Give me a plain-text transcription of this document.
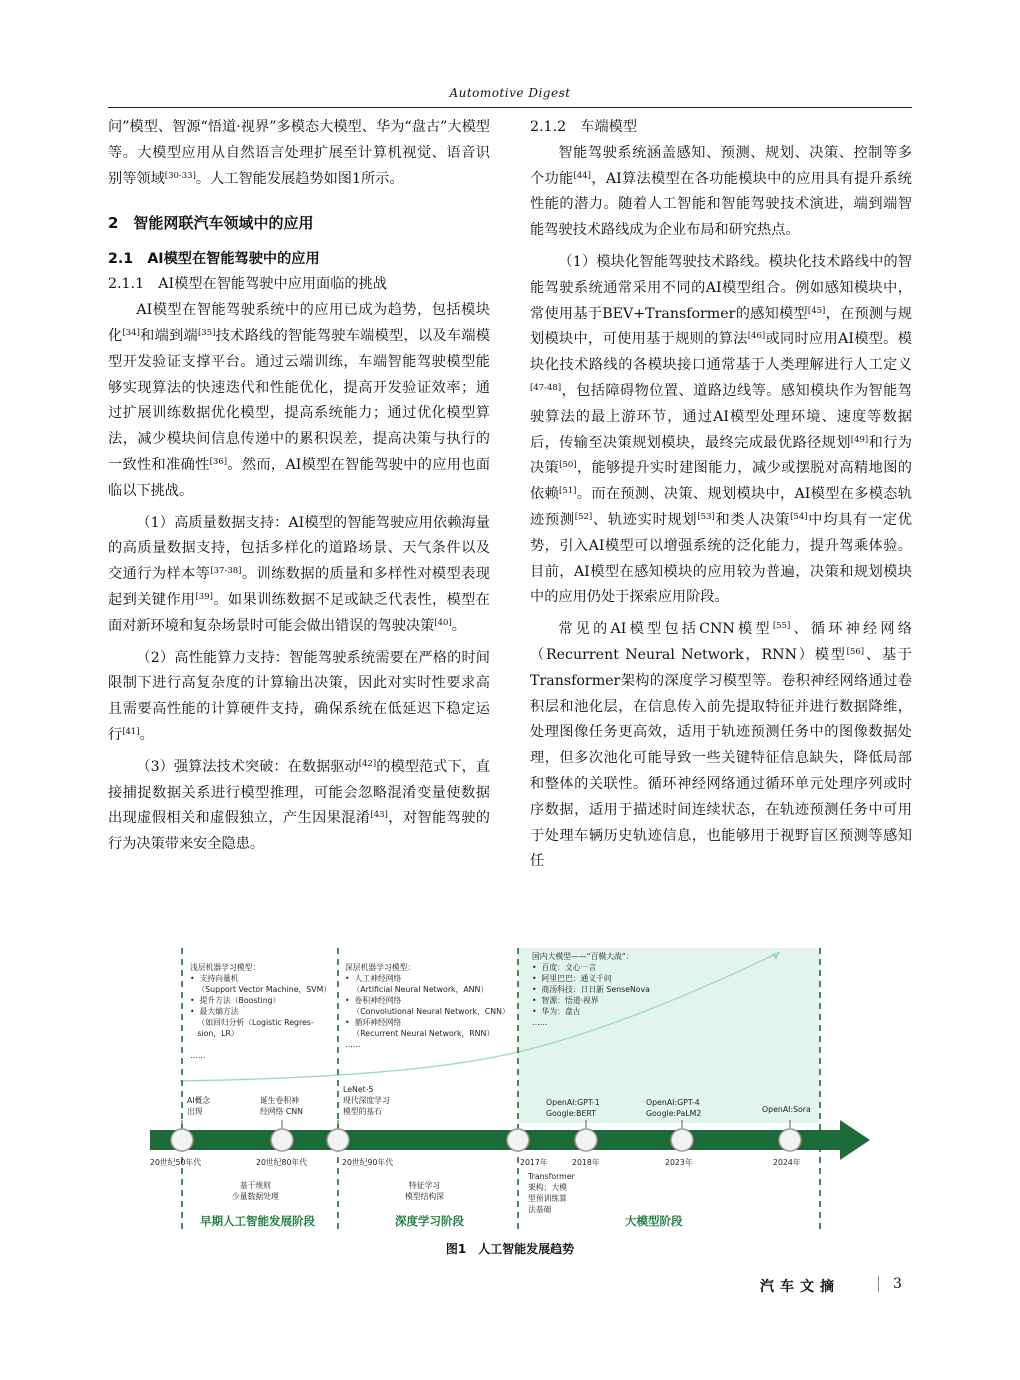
Automotive Digest

问”模型、智源“悟道·视界”多模态大模型、华为“盘古”大模型等。大模型应用从自然语言处理扩展至计算机视觉、语音识别等领域[30-33]。人工智能发展趋势如图1所示。

2　智能网联汽车领域中的应用
2.1　AI模型在智能驾驶中的应用
2.1.1　AI模型在智能驾驶中应用面临的挑战

AI模型在智能驾驶系统中的应用已成为趋势，包括模块化[34]和端到端[35]技术路线的智能驾驶车端模型，以及车端模型开发验证支撑平台。通过云端训练，车端智能驾驶模型能够实现算法的快速迭代和性能优化，提高开发验证效率；通过扩展训练数据优化模型，提高系统能力；通过优化模型算法，减少模块间信息传递中的累积误差，提高决策与执行的一致性和准确性[36]。然而，AI模型在智能驾驶中的应用也面临以下挑战。

（1）高质量数据支持：AI模型的智能驾驶应用依赖海量的高质量数据支持，包括多样化的道路场景、天气条件以及交通行为样本等[37-38]。训练数据的质量和多样性对模型表现起到关键作用[39]。如果训练数据不足或缺乏代表性，模型在面对新环境和复杂场景时可能会做出错误的驾驶决策[40]。

（2）高性能算力支持：智能驾驶系统需要在严格的时间限制下进行高复杂度的计算输出决策，因此对实时性要求高且需要高性能的计算硬件支持，确保系统在低延迟下稳定运行[41]。

（3）强算法技术突破：在数据驱动[42]的模型范式下，直接捕捉数据关系进行模型推理，可能会忽略混淆变量使数据出现虚假相关和虚假独立，产生因果混淆[43]，对智能驾驶的行为决策带来安全隐患。

2.1.2　车端模型

智能驾驶系统涵盖感知、预测、规划、决策、控制等多个功能[44]，AI算法模型在各功能模块中的应用具有提升系统性能的潜力。随着人工智能和智能驾驶技术演进，端到端智能驾驶技术路线成为企业布局和研究热点。

（1）模块化智能驾驶技术路线。模块化技术路线中的智能驾驶系统通常采用不同的AI模型组合。例如感知模块中，常使用基于BEV+Transformer的感知模型[45]，在预测与规划模块中，可使用基于规则的算法[46]或同时应用AI模型。模块化技术路线的各模块接口通常基于人类理解进行人工定义[47-48]，包括障碍物位置、道路边线等。感知模块作为智能驾驶算法的最上游环节，通过AI模型处理环境、速度等数据后，传输至决策规划模块，最终完成最优路径规划[49]和行为决策[50]，能够提升实时建图能力，减少或摆脱对高精地图的依赖[51]。而在预测、决策、规划模块中，AI模型在多模态轨迹预测[52]、轨迹实时规划[53]和类人决策[54]中均具有一定优势，引入AI模型可以增强系统的泛化能力，提升驾乘体验。目前，AI模型在感知模块的应用较为普遍，决策和规划模块中的应用仍处于探索应用阶段。

常见的AI模型包括CNN模型[55]、循环神经网络（Recurrent Neural Network，RNN）模型[56]、基于Transformer架构的深度学习模型等。卷积神经网络通过卷积层和池化层，在信息传入前先提取特征并进行数据降维，处理图像任务更高效，适用于轨迹预测任务中的图像数据处理，但多次池化可能导致一些关键特征信息缺失，降低局部和整体的关联性。循环神经网络通过循环单元处理序列或时序数据，适用于描述时间连续状态，在轨迹预测任务中可用于处理车辆历史轨迹信息，也能够用于视野盲区预测等感知任

浅层机器学习模型：
•  支持向量机
（Support Vector Machine，SVM）
•  提升方法（Boosting）
•  最大熵方法
（如回归分析（Logistic Regres-
sion，LR）

……
深层机器学习模型：
•  人工神经网络
（Artificial Neural Network，ANN）
•  卷积神经网络
（Convolutional Neural Network，CNN）
•  循环神经网络
（Recurrent Neural Network，RNN）
……
国内大模型——“百模大战”：
•  百度：文心一言
•  阿里巴巴：通义千问
•  商汤科技：日日新 SenseNova
•  智源：悟道·视界
•  华为：盘古
……
AI概念
出现
诞生卷积神
经网络 CNN
LeNet-5
现代深度学习
模型的基石
OpenAI:GPT-1
Google:BERT
OpenAI:GPT-4
Google:PaLM2	OpenAI:Sora
20世纪50年代	20世纪80年代	20世纪90年代	2017年	2018年	2023年	2024年
基于规则
少量数据处理
特征学习
模型结构深
Transformer
架构；大模
型预训练算
法基础
早期人工智能发展阶段	深度学习阶段	大模型阶段
图1　人工智能发展趋势
汽车文摘	3
